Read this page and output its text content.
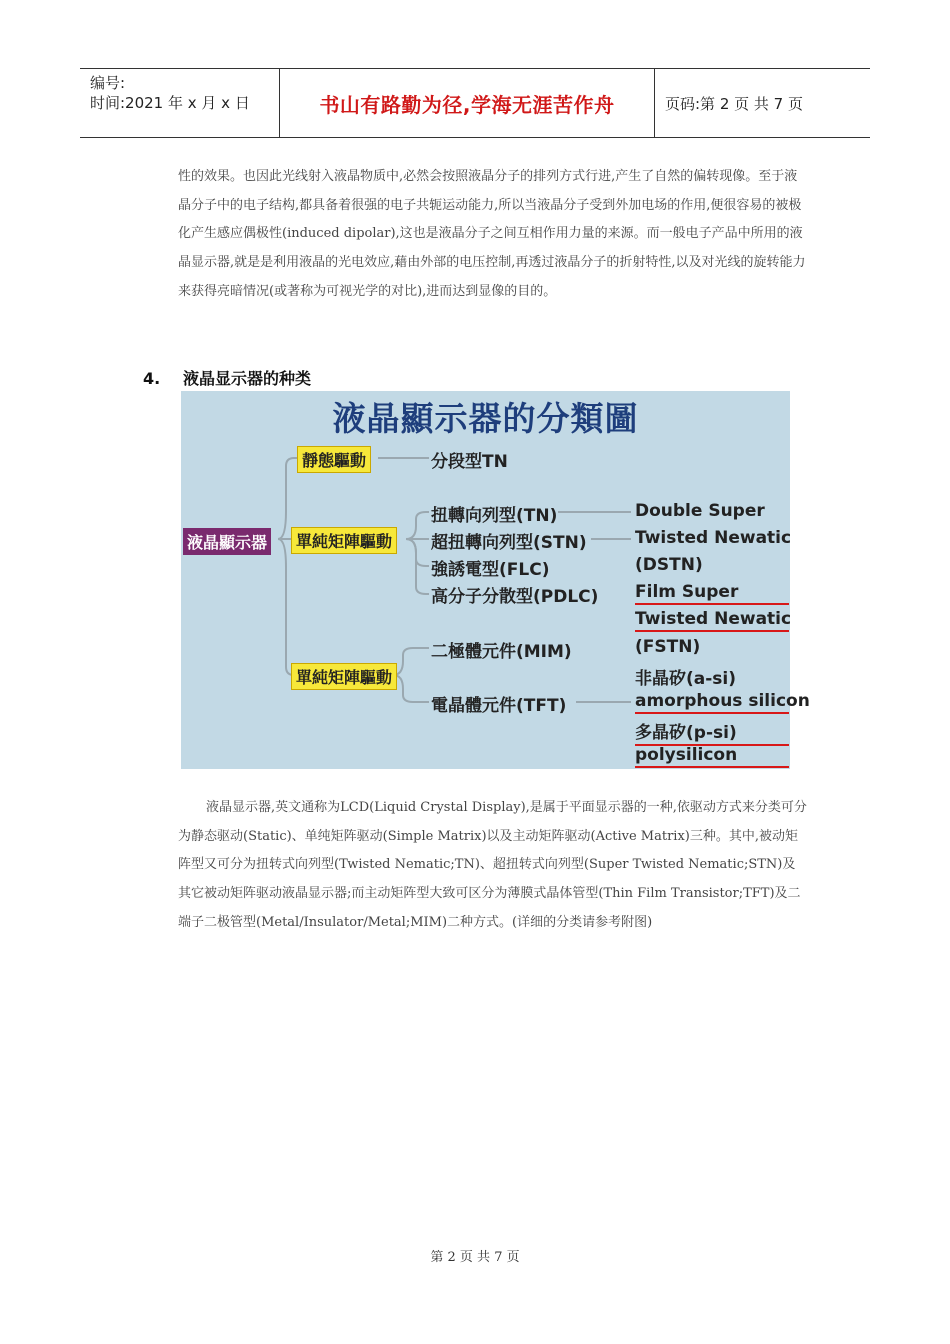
编号:
时间:2021 年 x 月 x 日	书山有路勤为径,学海无涯苦作舟	页码:第 2 页 共 7 页

性的效果。也因此光线射入液晶物质中,必然会按照液晶分子的排列方式行进,产生了自然的偏转现像。至于液晶分子中的电子结构,都具备着很强的电子共轭运动能力,所以当液晶分子受到外加电场的作用,便很容易的被极化产生感应偶极性(induced dipolar),这也是液晶分子之间互相作用力量的来源。而一般电子产品中所用的液晶显示器,就是是利用液晶的光电效应,藉由外部的电压控制,再透过液晶分子的折射特性,以及对光线的旋转能力来获得亮暗情况(或著称为可视光学的对比),进而达到显像的目的。

4. 液晶显示器的种类
液晶顯示器的分類圖
液晶顯示器
靜態驅動
單純矩陣驅動
單純矩陣驅動
分段型TN
扭轉向列型(TN)
超扭轉向列型(STN)
強誘電型(FLC)
高分子分散型(PDLC)
二極體元件(MIM)
電晶體元件(TFT)
Double Super
Twisted Newatic
(DSTN)
Film Super
Twisted Newatic
(FSTN)
非晶矽(a-si)
amorphous silicon
多晶矽(p-si)
polysilicon

液晶显示器,英文通称为LCD(Liquid Crystal Display),是属于平面显示器的一种,依驱动方式来分类可分为静态驱动(Static)、单纯矩阵驱动(Simple Matrix)以及主动矩阵驱动(Active Matrix)三种。其中,被动矩阵型又可分为扭转式向列型(Twisted Nematic;TN)、超扭转式向列型(Super Twisted Nematic;STN)及其它被动矩阵驱动液晶显示器;而主动矩阵型大致可区分为薄膜式晶体管型(Thin Film Transistor;TFT)及二端子二极管型(Metal/Insulator/Metal;MIM)二种方式。(详细的分类请参考附图)

第 2 页 共 7 页
